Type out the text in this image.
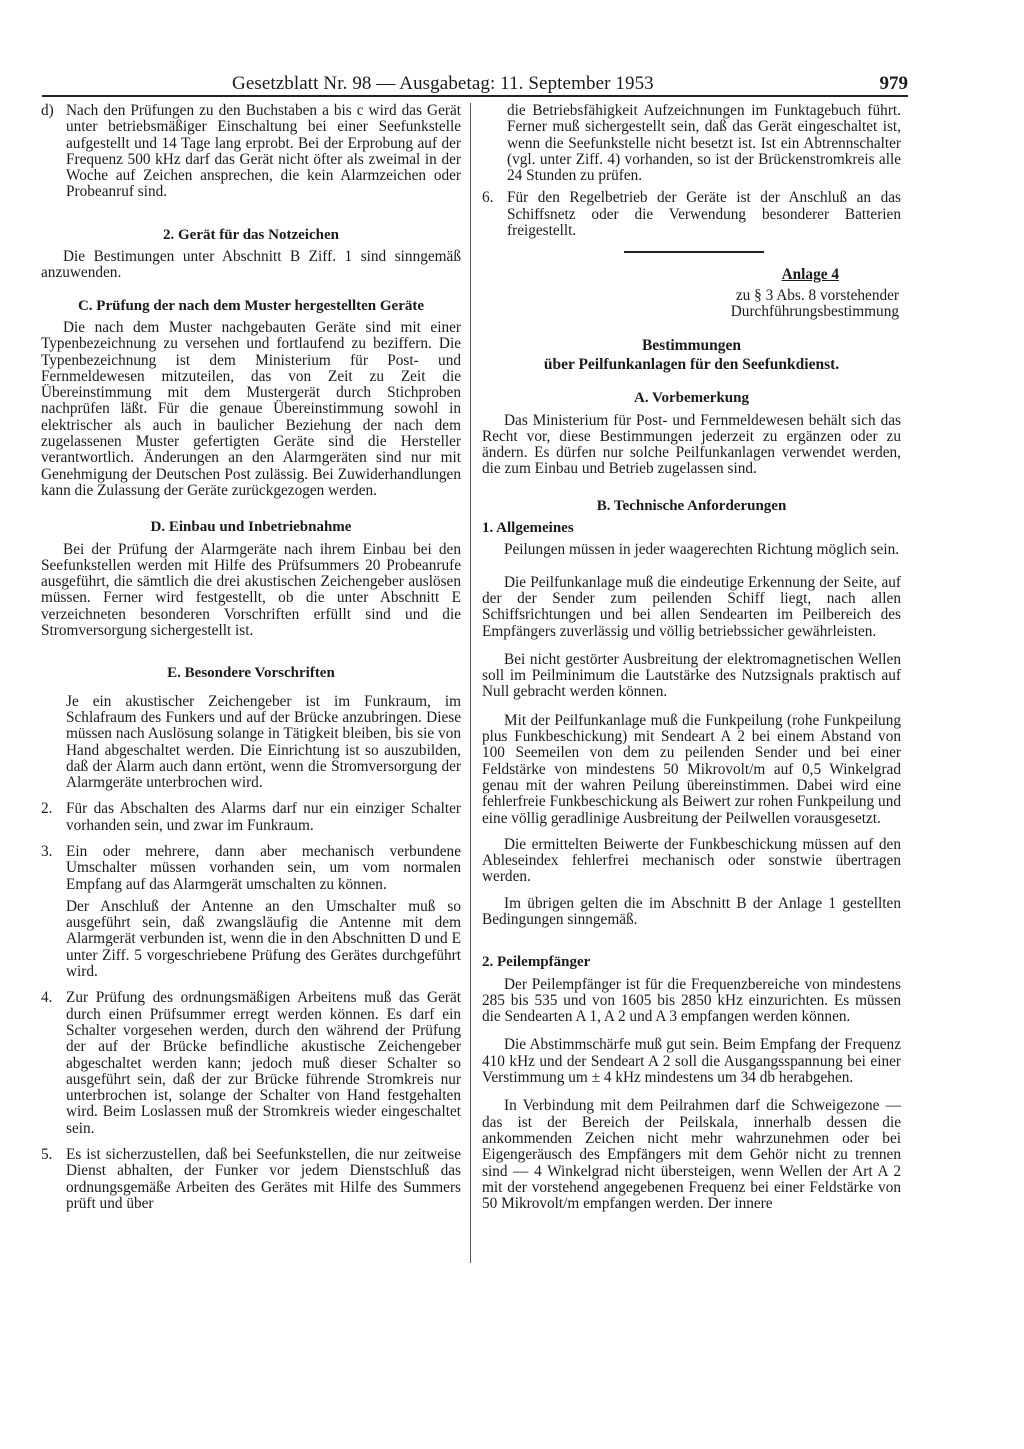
Gesetzblatt Nr. 98 — Ausgabetag: 11. September 1953	979
d) Nach den Prüfungen zu den Buchstaben a bis c wird das Gerät unter betriebsmäßiger Einschaltung bei einer Seefunkstelle aufgestellt und 14 Tage lang erprobt. Bei der Erprobung auf der Frequenz 500 kHz darf das Gerät nicht öfter als zweimal in der Woche auf Zeichen ansprechen, die kein Alarmzeichen oder Probeanruf sind.
2. Gerät für das Notzeichen

Die Bestimungen unter Abschnitt B Ziff. 1 sind sinngemäß anzuwenden.

C. Prüfung der nach dem Muster hergestellten Geräte

Die nach dem Muster nachgebauten Geräte sind mit einer Typenbezeichnung zu versehen und fortlaufend zu beziffern. Die Typenbezeichnung ist dem Ministerium für Post- und Fernmeldewesen mitzuteilen, das von Zeit zu Zeit die Übereinstimmung mit dem Mustergerät durch Stichproben nachprüfen läßt. Für die genaue Übereinstimmung sowohl in elektrischer als auch in baulicher Beziehung der nach dem zugelassenen Muster gefertigten Geräte sind die Hersteller verantwortlich. Änderungen an den Alarmgeräten sind nur mit Genehmigung der Deutschen Post zulässig. Bei Zuwiderhandlungen kann die Zulassung der Geräte zurückgezogen werden.

D. Einbau und Inbetriebnahme

Bei der Prüfung der Alarmgeräte nach ihrem Einbau bei den Seefunkstellen werden mit Hilfe des Prüfsummers 20 Probeanrufe ausgeführt, die sämtlich die drei akustischen Zeichengeber auslösen müssen. Ferner wird festgestellt, ob die unter Abschnitt E verzeichneten besonderen Vorschriften erfüllt sind und die Stromversorgung sichergestellt ist.

E. Besondere Vorschriften
Je ein akustischer Zeichengeber ist im Funkraum, im Schlafraum des Funkers und auf der Brücke anzubringen. Diese müssen nach Auslösung solange in Tätigkeit bleiben, bis sie von Hand abgeschaltet werden. Die Einrichtung ist so auszubilden, daß der Alarm auch dann ertönt, wenn die Stromversorgung der Alarmgeräte unterbrochen wird.
2. Für das Abschalten des Alarms darf nur ein einziger Schalter vorhanden sein, und zwar im Funkraum.
3. Ein oder mehrere, dann aber mechanisch verbundene Umschalter müssen vorhanden sein, um vom normalen Empfang auf das Alarmgerät umschalten zu können.
Der Anschluß der Antenne an den Umschalter muß so ausgeführt sein, daß zwangsläufig die Antenne mit dem Alarmgerät verbunden ist, wenn die in den Abschnitten D und E unter Ziff. 5 vorgeschriebene Prüfung des Gerätes durchgeführt wird.
4. Zur Prüfung des ordnungsmäßigen Arbeitens muß das Gerät durch einen Prüfsummer erregt werden können. Es darf ein Schalter vorgesehen werden, durch den während der Prüfung der auf der Brücke befindliche akustische Zeichengeber abgeschaltet werden kann; jedoch muß dieser Schalter so ausgeführt sein, daß der zur Brücke führende Stromkreis nur unterbrochen ist, solange der Schalter von Hand festgehalten wird. Beim Loslassen muß der Stromkreis wieder eingeschaltet sein.
5. Es ist sicherzustellen, daß bei Seefunkstellen, die nur zeitweise Dienst abhalten, der Funker vor jedem Dienstschluß das ordnungsgemäße Arbeiten des Gerätes mit Hilfe des Summers prüft und über
die Betriebsfähigkeit Aufzeichnungen im Funktagebuch führt. Ferner muß sichergestellt sein, daß das Gerät eingeschaltet ist, wenn die Seefunkstelle nicht besetzt ist. Ist ein Abtrennschalter (vgl. unter Ziff. 4) vorhanden, so ist der Brückenstromkreis alle 24 Stunden zu prüfen.
6. Für den Regelbetrieb der Geräte ist der Anschluß an das Schiffsnetz oder die Verwendung besonderer Batterien freigestellt.
Anlage 4
zu § 3 Abs. 8 vorstehender
Durchführungsbestimmung
Bestimmungen
über Peilfunkanlagen für den Seefunkdienst.
A. Vorbemerkung

Das Ministerium für Post- und Fernmeldewesen behält sich das Recht vor, diese Bestimmungen jederzeit zu ergänzen oder zu ändern. Es dürfen nur solche Peilfunkanlagen verwendet werden, die zum Einbau und Betrieb zugelassen sind.

B. Technische Anforderungen
1. Allgemeines

Peilungen müssen in jeder waagerechten Richtung möglich sein.

Die Peilfunkanlage muß die eindeutige Erkennung der Seite, auf der der Sender zum peilenden Schiff liegt, nach allen Schiffsrichtungen und bei allen Sendearten im Peilbereich des Empfängers zuverlässig und völlig betriebssicher gewährleisten.

Bei nicht gestörter Ausbreitung der elektromagnetischen Wellen soll im Peilminimum die Lautstärke des Nutzsignals praktisch auf Null gebracht werden können.

Mit der Peilfunkanlage muß die Funkpeilung (rohe Funkpeilung plus Funkbeschickung) mit Sendeart A 2 bei einem Abstand von 100 Seemeilen von dem zu peilenden Sender und bei einer Feldstärke von mindestens 50 Mikrovolt/m auf 0,5 Winkelgrad genau mit der wahren Peilung übereinstimmen. Dabei wird eine fehlerfreie Funkbeschickung als Beiwert zur rohen Funkpeilung und eine völlig geradlinige Ausbreitung der Peilwellen vorausgesetzt.

Die ermittelten Beiwerte der Funkbeschickung müssen auf den Ableseindex fehlerfrei mechanisch oder sonstwie übertragen werden.

Im übrigen gelten die im Abschnitt B der Anlage 1 gestellten Bedingungen sinngemäß.

2. Peilempfänger

Der Peilempfänger ist für die Frequenzbereiche von mindestens 285 bis 535 und von 1605 bis 2850 kHz einzurichten. Es müssen die Sendearten A 1, A 2 und A 3 empfangen werden können.

Die Abstimmschärfe muß gut sein. Beim Empfang der Frequenz 410 kHz und der Sendeart A 2 soll die Ausgangsspannung bei einer Verstimmung um ± 4 kHz mindestens um 34 db herabgehen.

In Verbindung mit dem Peilrahmen darf die Schweigezone — das ist der Bereich der Peilskala, innerhalb dessen die ankommenden Zeichen nicht mehr wahrzunehmen oder bei Eigengeräusch des Empfängers mit dem Gehör nicht zu trennen sind — 4 Winkelgrad nicht übersteigen, wenn Wellen der Art A 2 mit der vorstehend angegebenen Frequenz bei einer Feldstärke von 50 Mikrovolt/m empfangen werden. Der innere
